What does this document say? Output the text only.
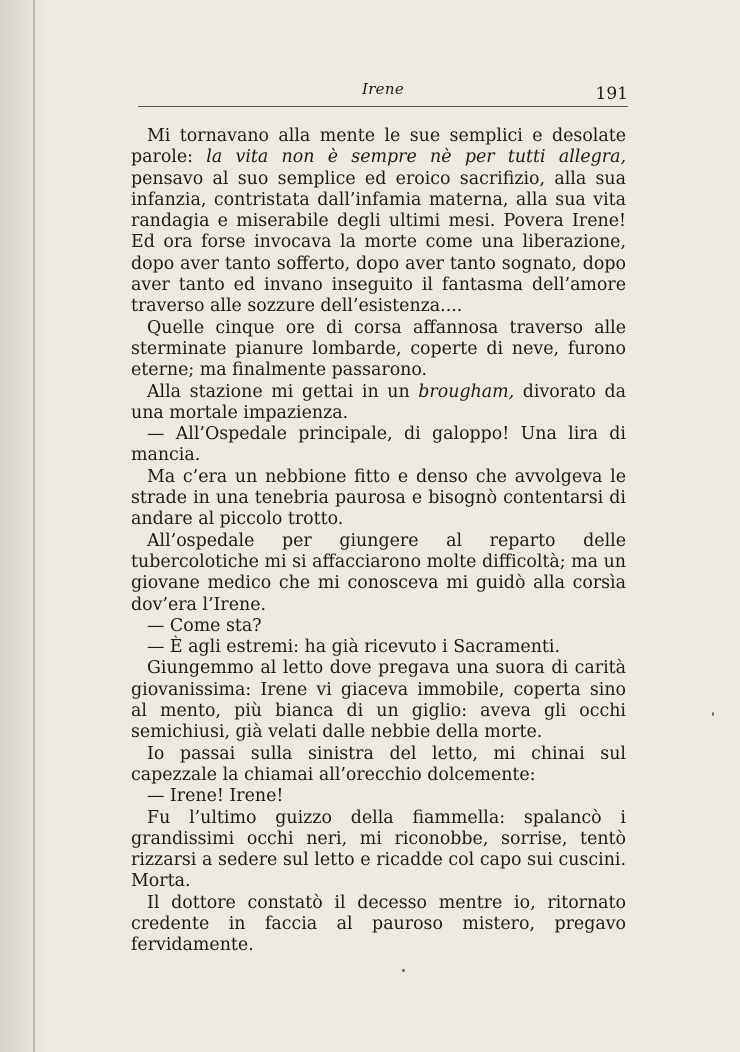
Irene	191

Mi tornavano alla mente le sue semplici e desolate parole: la vita non è sempre nè per tutti allegra, pensavo al suo semplice ed eroico sacrifizio, alla sua infanzia, contristata dall’infamia materna, alla sua vita randagia e miserabile degli ultimi mesi. Povera Irene! Ed ora forse invocava la morte come una liberazione, dopo aver tanto sofferto, dopo aver tanto sognato, dopo aver tanto ed invano inseguito il fantasma dell’amore traverso alle sozzure dell’esistenza....

Quelle cinque ore di corsa affannosa traverso alle sterminate pianure lombarde, coperte di neve, furono eterne; ma finalmente passarono.

Alla stazione mi gettai in un brougham, divorato da una mortale impazienza.

— All’Ospedale principale, di galoppo! Una lira di mancia.

Ma c’era un nebbione fitto e denso che avvolgeva le strade in una tenebria paurosa e bisognò contentarsi di andare al piccolo trotto.

All’ospedale per giungere al reparto delle tubercolotiche mi si affacciarono molte difficoltà; ma un giovane medico che mi conosceva mi guidò alla corsìa dov’era l’Irene.

— Come sta?

— È agli estremi: ha già ricevuto i Sacramenti.

Giungemmo al letto dove pregava una suora di carità giovanissima: Irene vi giaceva immobile, coperta sino al mento, più bianca di un giglio: aveva gli occhi semichiusi, già velati dalle nebbie della morte.

Io passai sulla sinistra del letto, mi chinai sul capezzale la chiamai all’orecchio dolcemente:

— Irene! Irene!

Fu l’ultimo guizzo della fiammella: spalancò i grandissimi occhi neri, mi riconobbe, sorrise, tentò rizzarsi a sedere sul letto e ricadde col capo sui cuscini. Morta.

Il dottore constatò il decesso mentre io, ritornato credente in faccia al pauroso mistero, pregavo fervidamente.
